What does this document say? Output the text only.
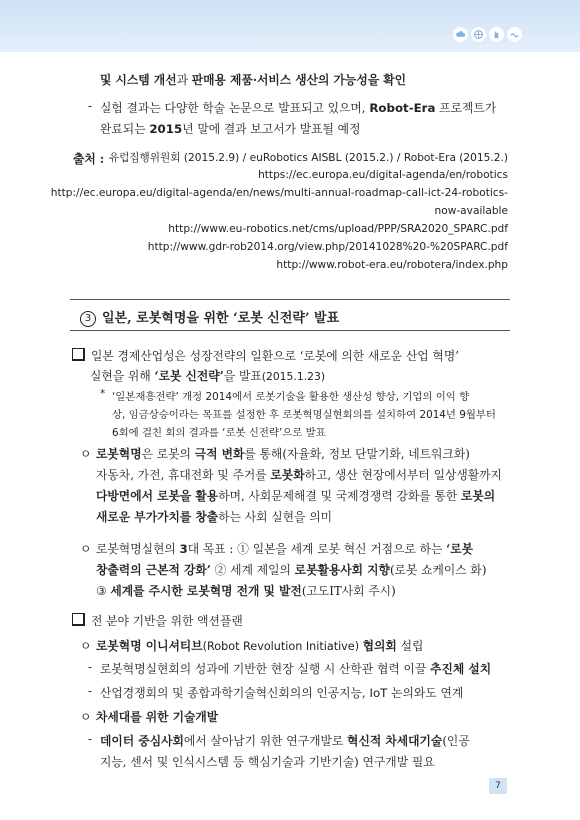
및 시스템 개선과 판매용 제품·서비스 생산의 가능성을 확인
- 실험 결과는 다양한 학술 논문으로 발표되고 있으며, Robot-Era 프로젝트가
완료되는 2015년 말에 결과 보고서가 발표될 예정
출처 : 유럽집행위원회 (2015.2.9) / euRobotics AISBL (2015.2.) / Robot-Era (2015.2.)
https://ec.europa.eu/digital-agenda/en/robotics
http://ec.europa.eu/digital-agenda/en/news/multi-annual-roadmap-call-ict-24-robotics-
now-available
http://www.eu-robotics.net/cms/upload/PPP/SRA2020_SPARC.pdf
http://www.gdr-rob2014.org/view.php/20141028%20-%20SPARC.pdf
http://www.robot-era.eu/robotera/index.php
3 일본, 로봇혁명을 위한 ‘로봇 신전략’ 발표
일본 경제산업성은 성장전략의 일환으로 ‘로봇에 의한 새로운 산업 혁명’
실현을 위해 ‘로봇 신전략’을 발표(2015.1.23)
* ‘일본재흥전략’ 개정 2014에서 로봇기술을 활용한 생산성 향상, 기업의 이익 향
상, 임금상승이라는 목표를 설정한 후 로봇혁명실현회의를 설치하여 2014년 9월부터
6회에 걸친 회의 결과를 ‘로봇 신전략’으로 발표
ㅇ 로봇혁명은 로봇의 극적 변화를 통해(자율화, 정보 단말기화, 네트워크화)
자동차, 가전, 휴대전화 및 주거를 로봇화하고, 생산 현장에서부터 일상생활까지
다방면에서 로봇을 활용하며, 사회문제해결 및 국제경쟁력 강화를 통한 로봇의
새로운 부가가치를 창출하는 사회 실현을 의미
ㅇ 로봇혁명실현의 3대 목표 : ① 일본을 세계 로봇 혁신 거점으로 하는 ‘로봇
창출력의 근본적 강화’ ② 세계 제일의 로봇활용사회 지향(로봇 쇼케이스 화)
③ 세계를 주시한 로봇혁명 전개 및 발전(고도IT사회 주시)
전 분야 기반을 위한 액션플랜
ㅇ 로봇혁명 이니셔티브(Robot Revolution Initiative) 협의회 설립
- 로봇혁명실현회의 성과에 기반한 현장 실행 시 산학관 협력 이끌 추진체 설치
- 산업경쟁회의 및 종합과학기술혁신회의의 인공지능, IoT 논의와도 연계
ㅇ 차세대를 위한 기술개발
- 데이터 중심사회에서 살아남기 위한 연구개발로 혁신적 차세대기술(인공
지능, 센서 및 인식시스템 등 핵심기술과 기반기술) 연구개발 필요
7
